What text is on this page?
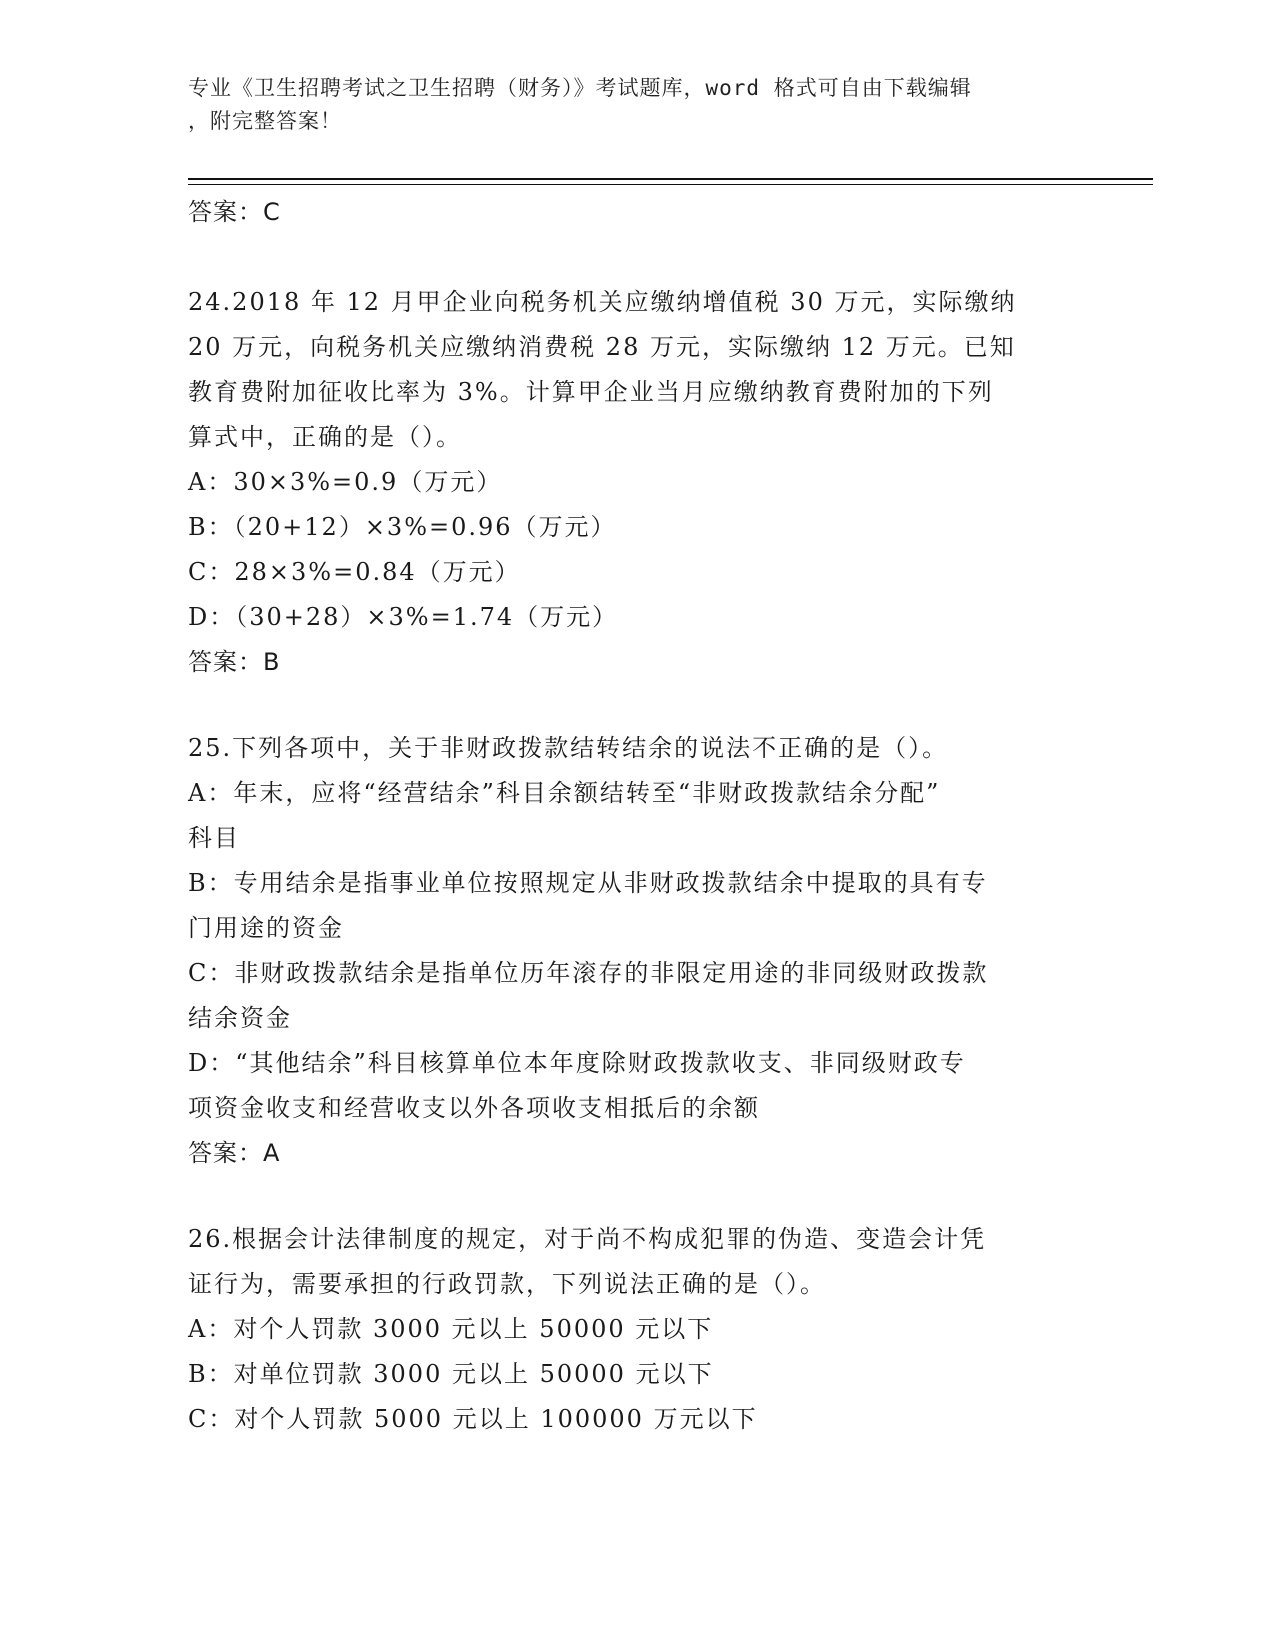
专业《卫生招聘考试之卫生招聘（财务）》考试题库，word 格式可自由下载编辑
，附完整答案！

答案：C

24.2018 年 12 月甲企业向税务机关应缴纳增值税 30 万元，实际缴纳

20 万元，向税务机关应缴纳消费税 28 万元，实际缴纳 12 万元。已知

教育费附加征收比率为 3%。计算甲企业当月应缴纳教育费附加的下列

算式中，正确的是（）。

A：30×3%=0.9（万元）

B：（20+12）×3%=0.96（万元）

C：28×3%=0.84（万元）

D：（30+28）×3%=1.74（万元）

答案：B

25.下列各项中，关于非财政拨款结转结余的说法不正确的是（）。

A：年末，应将“经营结余”科目余额结转至“非财政拨款结余分配”

科目

B：专用结余是指事业单位按照规定从非财政拨款结余中提取的具有专

门用途的资金

C：非财政拨款结余是指单位历年滚存的非限定用途的非同级财政拨款

结余资金

D：“其他结余”科目核算单位本年度除财政拨款收支、非同级财政专

项资金收支和经营收支以外各项收支相抵后的余额

答案：A

26.根据会计法律制度的规定，对于尚不构成犯罪的伪造、变造会计凭

证行为，需要承担的行政罚款，下列说法正确的是（）。

A：对个人罚款 3000 元以上 50000 元以下

B：对单位罚款 3000 元以上 50000 元以下

C：对个人罚款 5000 元以上 100000 万元以下
